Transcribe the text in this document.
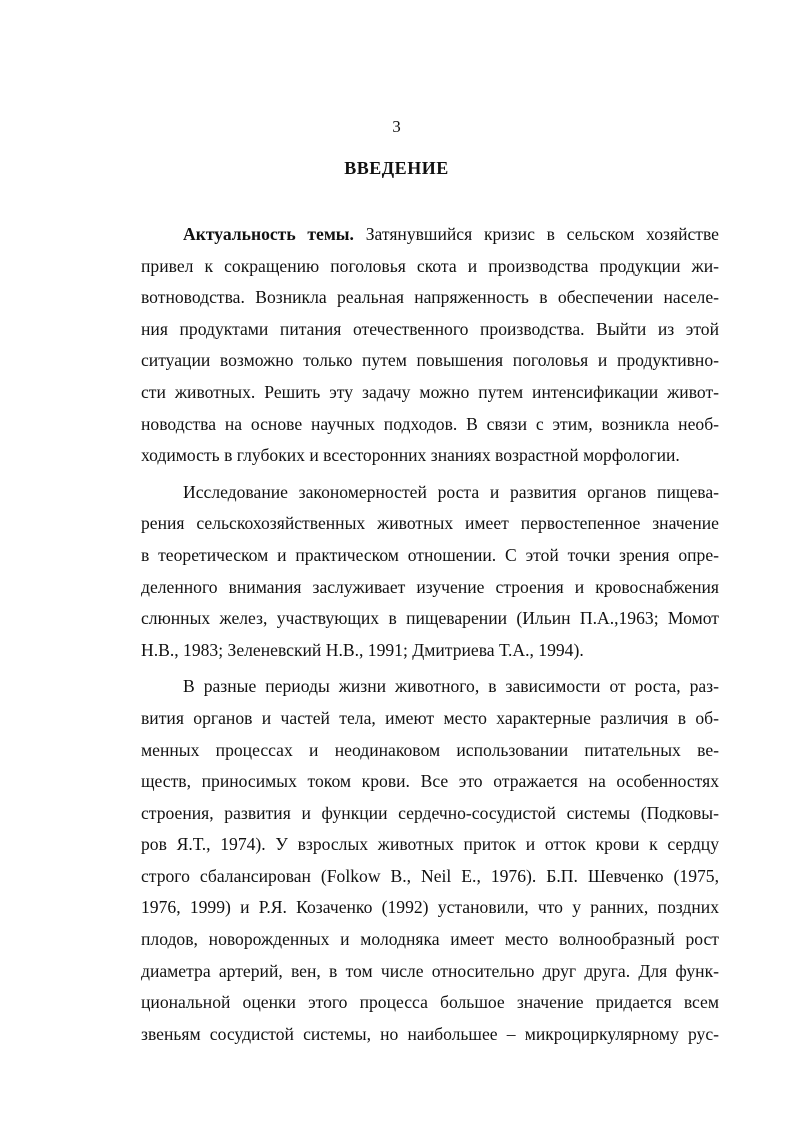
3
ВВЕДЕНИЕ
Актуальность темы. Затянувшийся кризис в сельском хозяйстве
привел к сокращению поголовья скота и производства продукции жи-
вотноводства. Возникла реальная напряженность в обеспечении населе-
ния продуктами питания отечественного производства. Выйти из этой
ситуации возможно только путем повышения поголовья и продуктивно-
сти животных. Решить эту задачу можно путем интенсификации живот-
новодства на основе научных подходов. В связи с этим, возникла необ-
ходимость в глубоких и всесторонних знаниях возрастной морфологии.
Исследование закономерностей роста и развития органов пищева-
рения сельскохозяйственных животных имеет первостепенное значение
в теоретическом и практическом отношении. С этой точки зрения опре-
деленного внимания заслуживает изучение строения и кровоснабжения
слюнных желез, участвующих в пищеварении (Ильин П.А.,1963; Момот
Н.В., 1983; Зеленевский Н.В., 1991; Дмитриева Т.А., 1994).
В разные периоды жизни животного, в зависимости от роста, раз-
вития органов и частей тела, имеют место характерные различия в об-
менных процессах и неодинаковом использовании питательных ве-
ществ, приносимых током крови. Все это отражается на особенностях
строения, развития и функции сердечно-сосудистой системы (Подковы-
ров Я.Т., 1974). У взрослых животных приток и отток крови к сердцу
строго сбалансирован (Folkow B., Neil E., 1976). Б.П. Шевченко (1975,
1976, 1999) и Р.Я. Козаченко (1992) установили, что у ранних, поздних
плодов, новорожденных и молодняка имеет место волнообразный рост
диаметра артерий, вен, в том числе относительно друг друга. Для функ-
циональной оценки этого процесса большое значение придается всем
звеньям сосудистой системы, но наибольшее – микроциркулярному рус-
